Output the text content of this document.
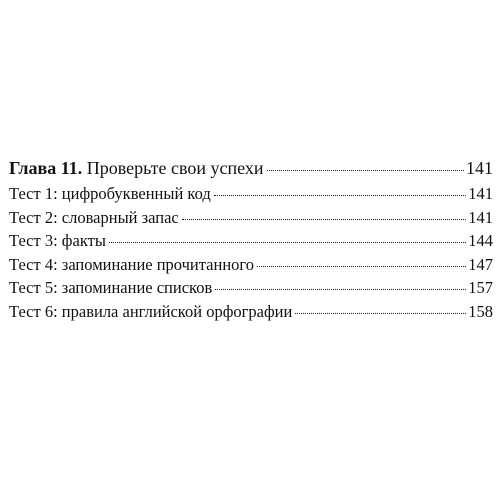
Глава 11. Проверьте свои успехи	141
Тест 1: цифробуквенный код	141
Тест 2: словарный запас	141
Тест 3: факты	144
Тест 4: запоминание прочитанного	147
Тест 5: запоминание списков	157
Тест 6: правила английской орфографии	158
